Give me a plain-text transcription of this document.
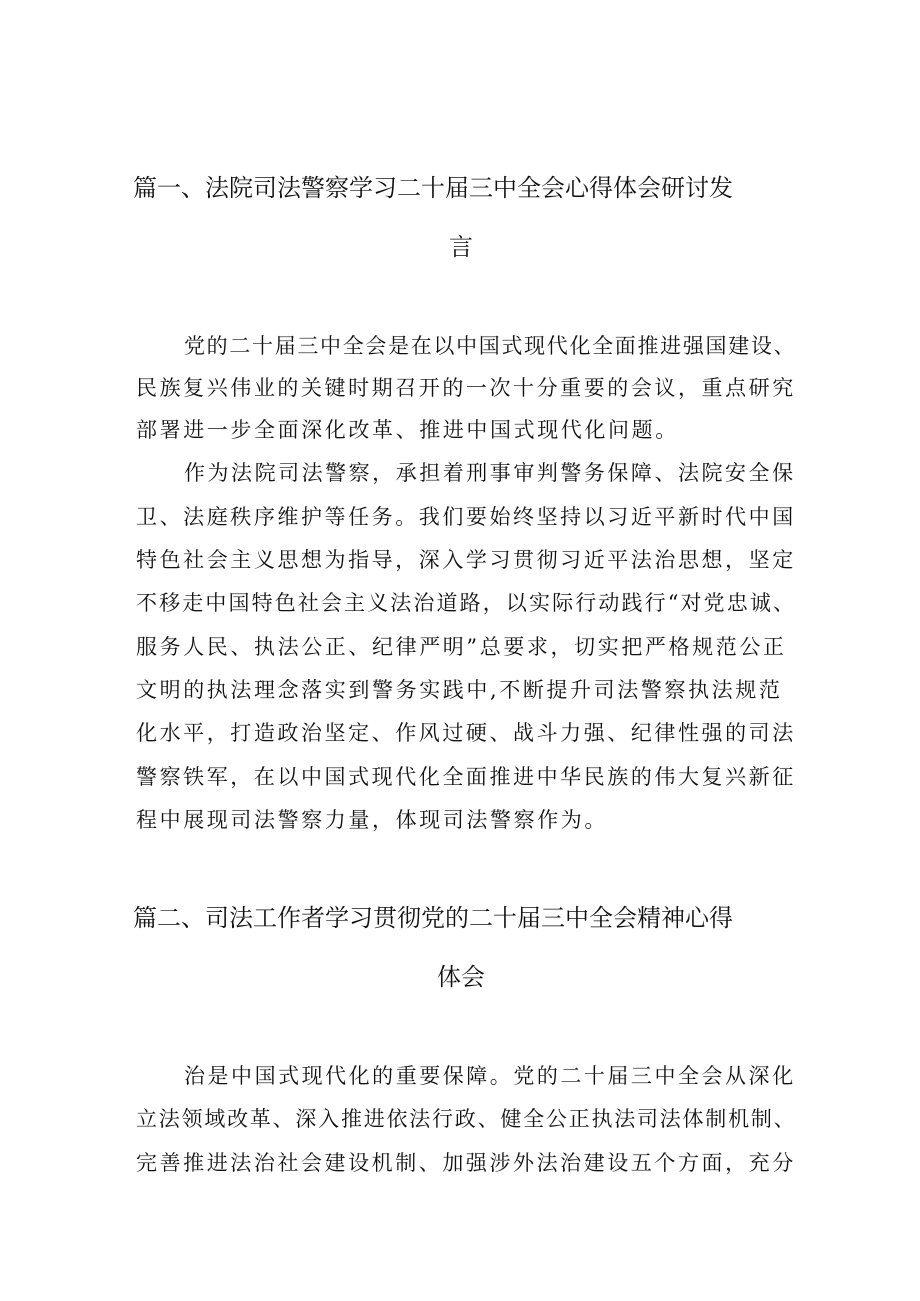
篇一、法院司法警察学习二十届三中全会心得体会研讨发
言
党的二十届三中全会是在以中国式现代化全面推进强国建设、
民族复兴伟业的关键时期召开的一次十分重要的会议，重点研究
部署进一步全面深化改革、推进中国式现代化问题。
作为法院司法警察，承担着刑事审判警务保障、法院安全保
卫、法庭秩序维护等任务。我们要始终坚持以习近平新时代中国
特色社会主义思想为指导，深入学习贯彻习近平法治思想，坚定
不移走中国特色社会主义法治道路，以实际行动践行“对党忠诚、
服务人民、执法公正、纪律严明”总要求，切实把严格规范公正
文明的执法理念落实到警务实践中,不断提升司法警察执法规范
化水平，打造政治坚定、作风过硬、战斗力强、纪律性强的司法
警察铁军，在以中国式现代化全面推进中华民族的伟大复兴新征
程中展现司法警察力量，体现司法警察作为。
篇二、司法工作者学习贯彻党的二十届三中全会精神心得
体会
治是中国式现代化的重要保障。党的二十届三中全会从深化
立法领域改革、深入推进依法行政、健全公正执法司法体制机制、
完善推进法治社会建设机制、加强涉外法治建设五个方面，充分
